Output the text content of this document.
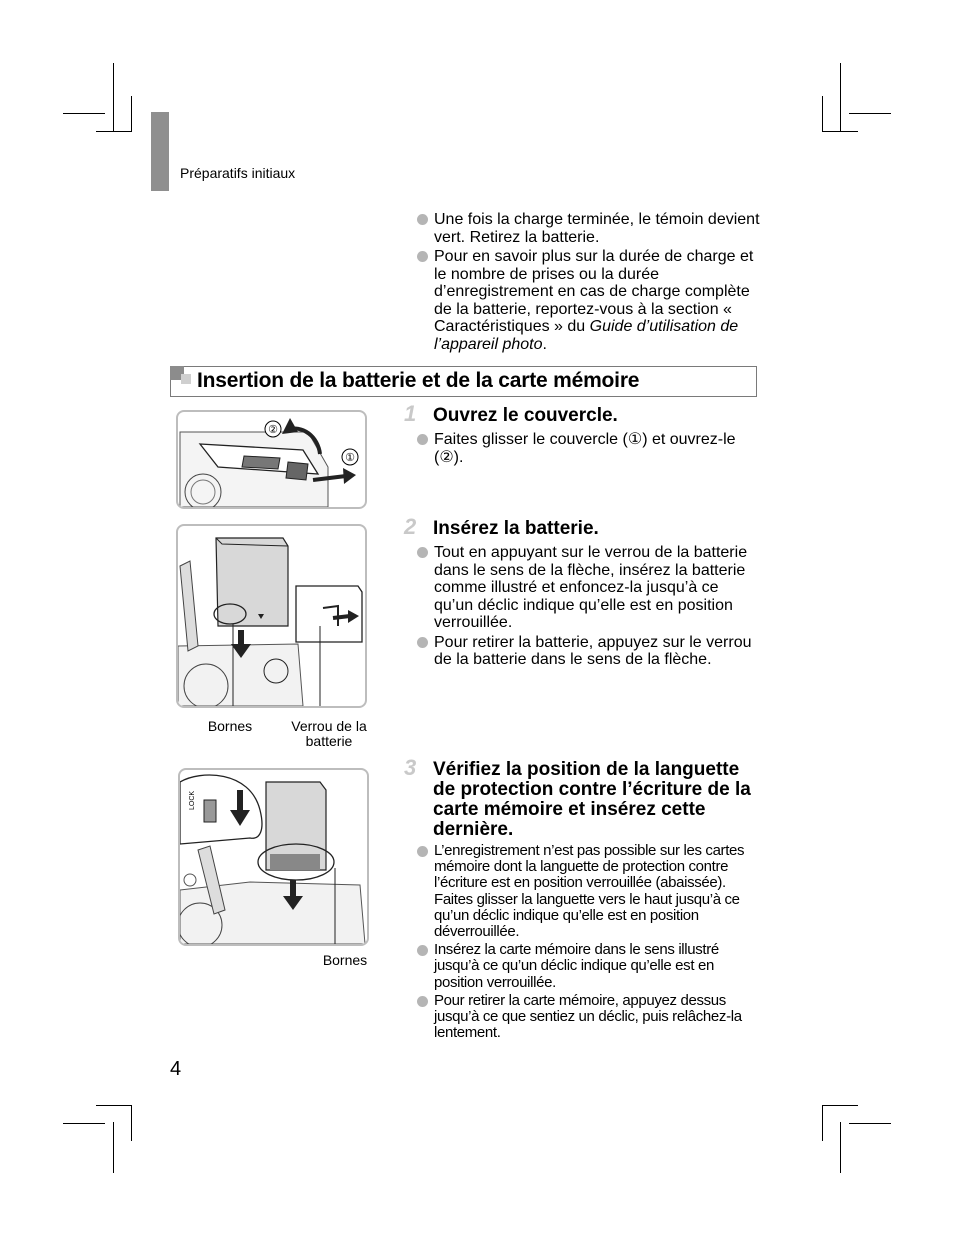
Préparatifs initiaux
Une fois la charge terminée, le témoin devient vert. Retirez la batterie.
Pour en savoir plus sur la durée de charge et le nombre de prises ou la durée d’enregistrement en cas de charge complète de la batterie, reportez-vous à la section « Caractéristiques » du Guide d’utilisation de l’appareil photo.
Insertion de la batterie et de la carte mémoire
1 Ouvrez le couvercle.
Faites glisser le couvercle (①) et ouvrez-le (②).
②
①
2 Insérez la batterie.
Tout en appuyant sur le verrou de la batterie dans le sens de la flèche, insérez la batterie comme illustré et enfoncez-la jusqu’à ce qu’un déclic indique qu’elle est en position verrouillée.
Pour retirer la batterie, appuyez sur le verrou de la batterie dans le sens de la flèche.
Bornes	Verrou de la batterie
3 Vérifiez la position de la languette de protection contre l’écriture de la carte mémoire et insérez cette dernière.
L’enregistrement n’est pas possible sur les cartes mémoire dont la languette de protection contre l’écriture est en position verrouillée (abaissée). Faites glisser la languette vers le haut jusqu’à ce qu’un déclic indique qu’elle est en position déverrouillée.
Insérez la carte mémoire dans le sens illustré jusqu’à ce qu’un déclic indique qu’elle est en position verrouillée.
Pour retirer la carte mémoire, appuyez dessus jusqu’à ce que sentiez un déclic, puis relâchez-la lentement.
LOCK
Bornes
4
